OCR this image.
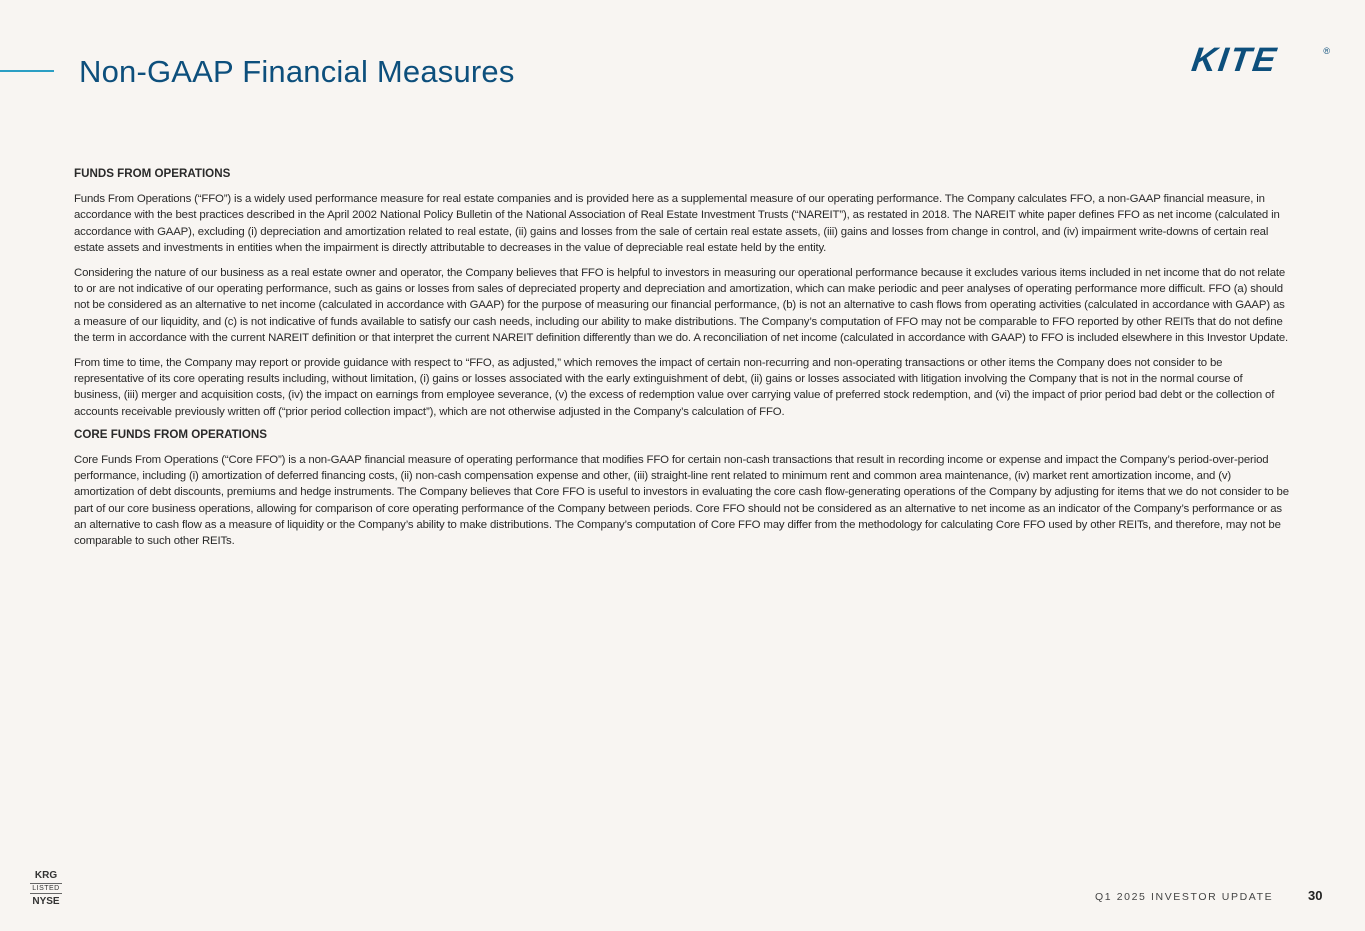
Non-GAAP Financial Measures	KITE	®
FUNDS FROM OPERATIONS

Funds From Operations (“FFO”) is a widely used performance measure for real estate companies and is provided here as a supplemental measure of our operating performance. The Company calculates FFO, a non-GAAP financial measure, in accordance with the best practices described in the April 2002 National Policy Bulletin of the National Association of Real Estate Investment Trusts (“NAREIT”), as restated in 2018. The NAREIT white paper defines FFO as net income (calculated in accordance with GAAP), excluding (i) depreciation and amortization related to real estate, (ii) gains and losses from the sale of certain real estate assets, (iii) gains and losses from change in control, and (iv) impairment write-downs of certain real estate assets and investments in entities when the impairment is directly attributable to decreases in the value of depreciable real estate held by the entity.

Considering the nature of our business as a real estate owner and operator, the Company believes that FFO is helpful to investors in measuring our operational performance because it excludes various items included in net income that do not relate to or are not indicative of our operating performance, such as gains or losses from sales of depreciated property and depreciation and amortization, which can make periodic and peer analyses of operating performance more difficult. FFO (a) should not be considered as an alternative to net income (calculated in accordance with GAAP) for the purpose of measuring our financial performance, (b) is not an alternative to cash flows from operating activities (calculated in accordance with GAAP) as a measure of our liquidity, and (c) is not indicative of funds available to satisfy our cash needs, including our ability to make distributions. The Company’s computation of FFO may not be comparable to FFO reported by other REITs that do not define the term in accordance with the current NAREIT definition or that interpret the current NAREIT definition differently than we do. A reconciliation of net income (calculated in accordance with GAAP) to FFO is included elsewhere in this Investor Update.

From time to time, the Company may report or provide guidance with respect to “FFO, as adjusted,” which removes the impact of certain non-recurring and non-operating transactions or other items the Company does not consider to be representative of its core operating results including, without limitation, (i) gains or losses associated with the early extinguishment of debt, (ii) gains or losses associated with litigation involving the Company that is not in the normal course of business, (iii) merger and acquisition costs, (iv) the impact on earnings from employee severance, (v) the excess of redemption value over carrying value of preferred stock redemption, and (vi) the impact of prior period bad debt or the collection of accounts receivable previously written off (“prior period collection impact”), which are not otherwise adjusted in the Company’s calculation of FFO.

CORE FUNDS FROM OPERATIONS

Core Funds From Operations (“Core FFO”) is a non-GAAP financial measure of operating performance that modifies FFO for certain non-cash transactions that result in recording income or expense and impact the Company’s period-over-period performance, including (i) amortization of deferred financing costs, (ii) non-cash compensation expense and other, (iii) straight-line rent related to minimum rent and common area maintenance, (iv) market rent amortization income, and (v) amortization of debt discounts, premiums and hedge instruments. The Company believes that Core FFO is useful to investors in evaluating the core cash flow-generating operations of the Company by adjusting for items that we do not consider to be part of our core business operations, allowing for comparison of core operating performance of the Company between periods. Core FFO should not be considered as an alternative to net income as an indicator of the Company’s performance or as an alternative to cash flow as a measure of liquidity or the Company’s ability to make distributions. The Company’s computation of Core FFO may differ from the methodology for calculating Core FFO used by other REITs, and therefore, may not be comparable to such other REITs.

KRG
LISTED
NYSE	Q1 2025 INVESTOR UPDATE	30
